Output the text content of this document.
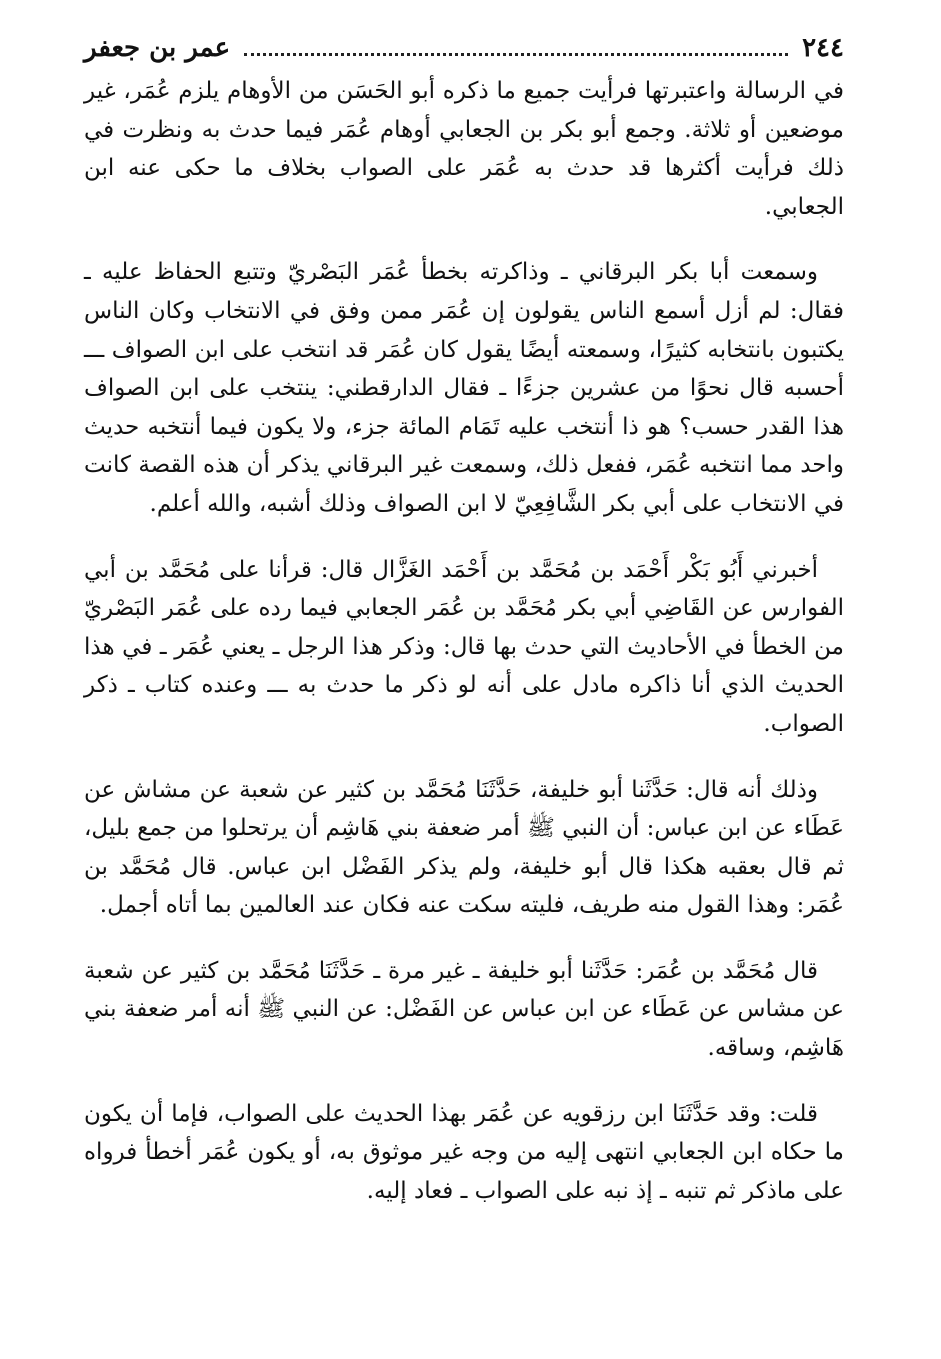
٢٤٤
عمر بن جعفر

في الرسالة واعتبرتها فرأيت جميع ما ذكره أبو الحَسَن من الأوهام يلزم عُمَر، غير موضعين أو ثلاثة. وجمع أبو بكر بن الجعابي أوهام عُمَر فيما حدث به ونظرت في ذلك فرأيت أكثرها قد حدث به عُمَر على الصواب بخلاف ما حكى عنه ابن الجعابي.

وسمعت أبا بكر البرقاني ـ وذاكرته بخطأ عُمَر البَصْريّ وتتبع الحفاظ عليه ـ فقال: لم أزل أسمع الناس يقولون إن عُمَر ممن وفق في الانتخاب وكان الناس يكتبون بانتخابه كثيرًا، وسمعته أيضًا يقول كان عُمَر قد انتخب على ابن الصواف ـــ أحسبه قال نحوًا من عشرين جزءًا ـ فقال الدارقطني: ينتخب على ابن الصواف هذا القدر حسب؟ هو ذا أنتخب عليه تَمَام المائة جزء، ولا يكون فيما أنتخبه حديث واحد مما انتخبه عُمَر، ففعل ذلك، وسمعت غير البرقاني يذكر أن هذه القصة كانت في الانتخاب على أبي بكر الشَّافِعِيّ لا ابن الصواف وذلك أشبه، والله أعلم.

أخبرني أَبُو بَكْر أَحْمَد بن مُحَمَّد بن أَحْمَد الغَزَّال قال: قرأنا على مُحَمَّد بن أبي الفوارس عن القَاضِي أبي بكر مُحَمَّد بن عُمَر الجعابي فيما رده على عُمَر البَصْريّ من الخطأ في الأحاديث التي حدث بها قال: وذكر هذا الرجل ـ يعني عُمَر ـ في هذا الحديث الذي أنا ذاكره مادل على أنه لو ذكر ما حدث به ـــ وعنده كتاب ـ ذكر الصواب.

وذلك أنه قال: حَدَّثَنا أبو خليفة، حَدَّثَنَا مُحَمَّد بن كثير عن شعبة عن مشاش عن عَطَاء عن ابن عباس: أن النبي ﷺ أمر ضعفة بني هَاشِم أن يرتحلوا من جمع بليل، ثم قال بعقبه هكذا قال أبو خليفة، ولم يذكر الفَضْل ابن عباس. قال مُحَمَّد بن عُمَر: وهذا القول منه طريف، فليته سكت عنه فكان عند العالمين بما أتاه أجمل.

قال مُحَمَّد بن عُمَر: حَدَّثَنا أبو خليفة ـ غير مرة ـ حَدَّثَنَا مُحَمَّد بن كثير عن شعبة عن مشاس عن عَطَاء عن ابن عباس عن الفَضْل: عن النبي ﷺ أنه أمر ضعفة بني هَاشِم، وساقه.

قلت: وقد حَدَّثَنَا ابن رزقويه عن عُمَر بهذا الحديث على الصواب، فإما أن يكون ما حكاه ابن الجعابي انتهى إليه من وجه غير موثوق به، أو يكون عُمَر أخطأ فرواه على ماذكر ثم تنبه ـ إذ نبه على الصواب ـ فعاد إليه.
